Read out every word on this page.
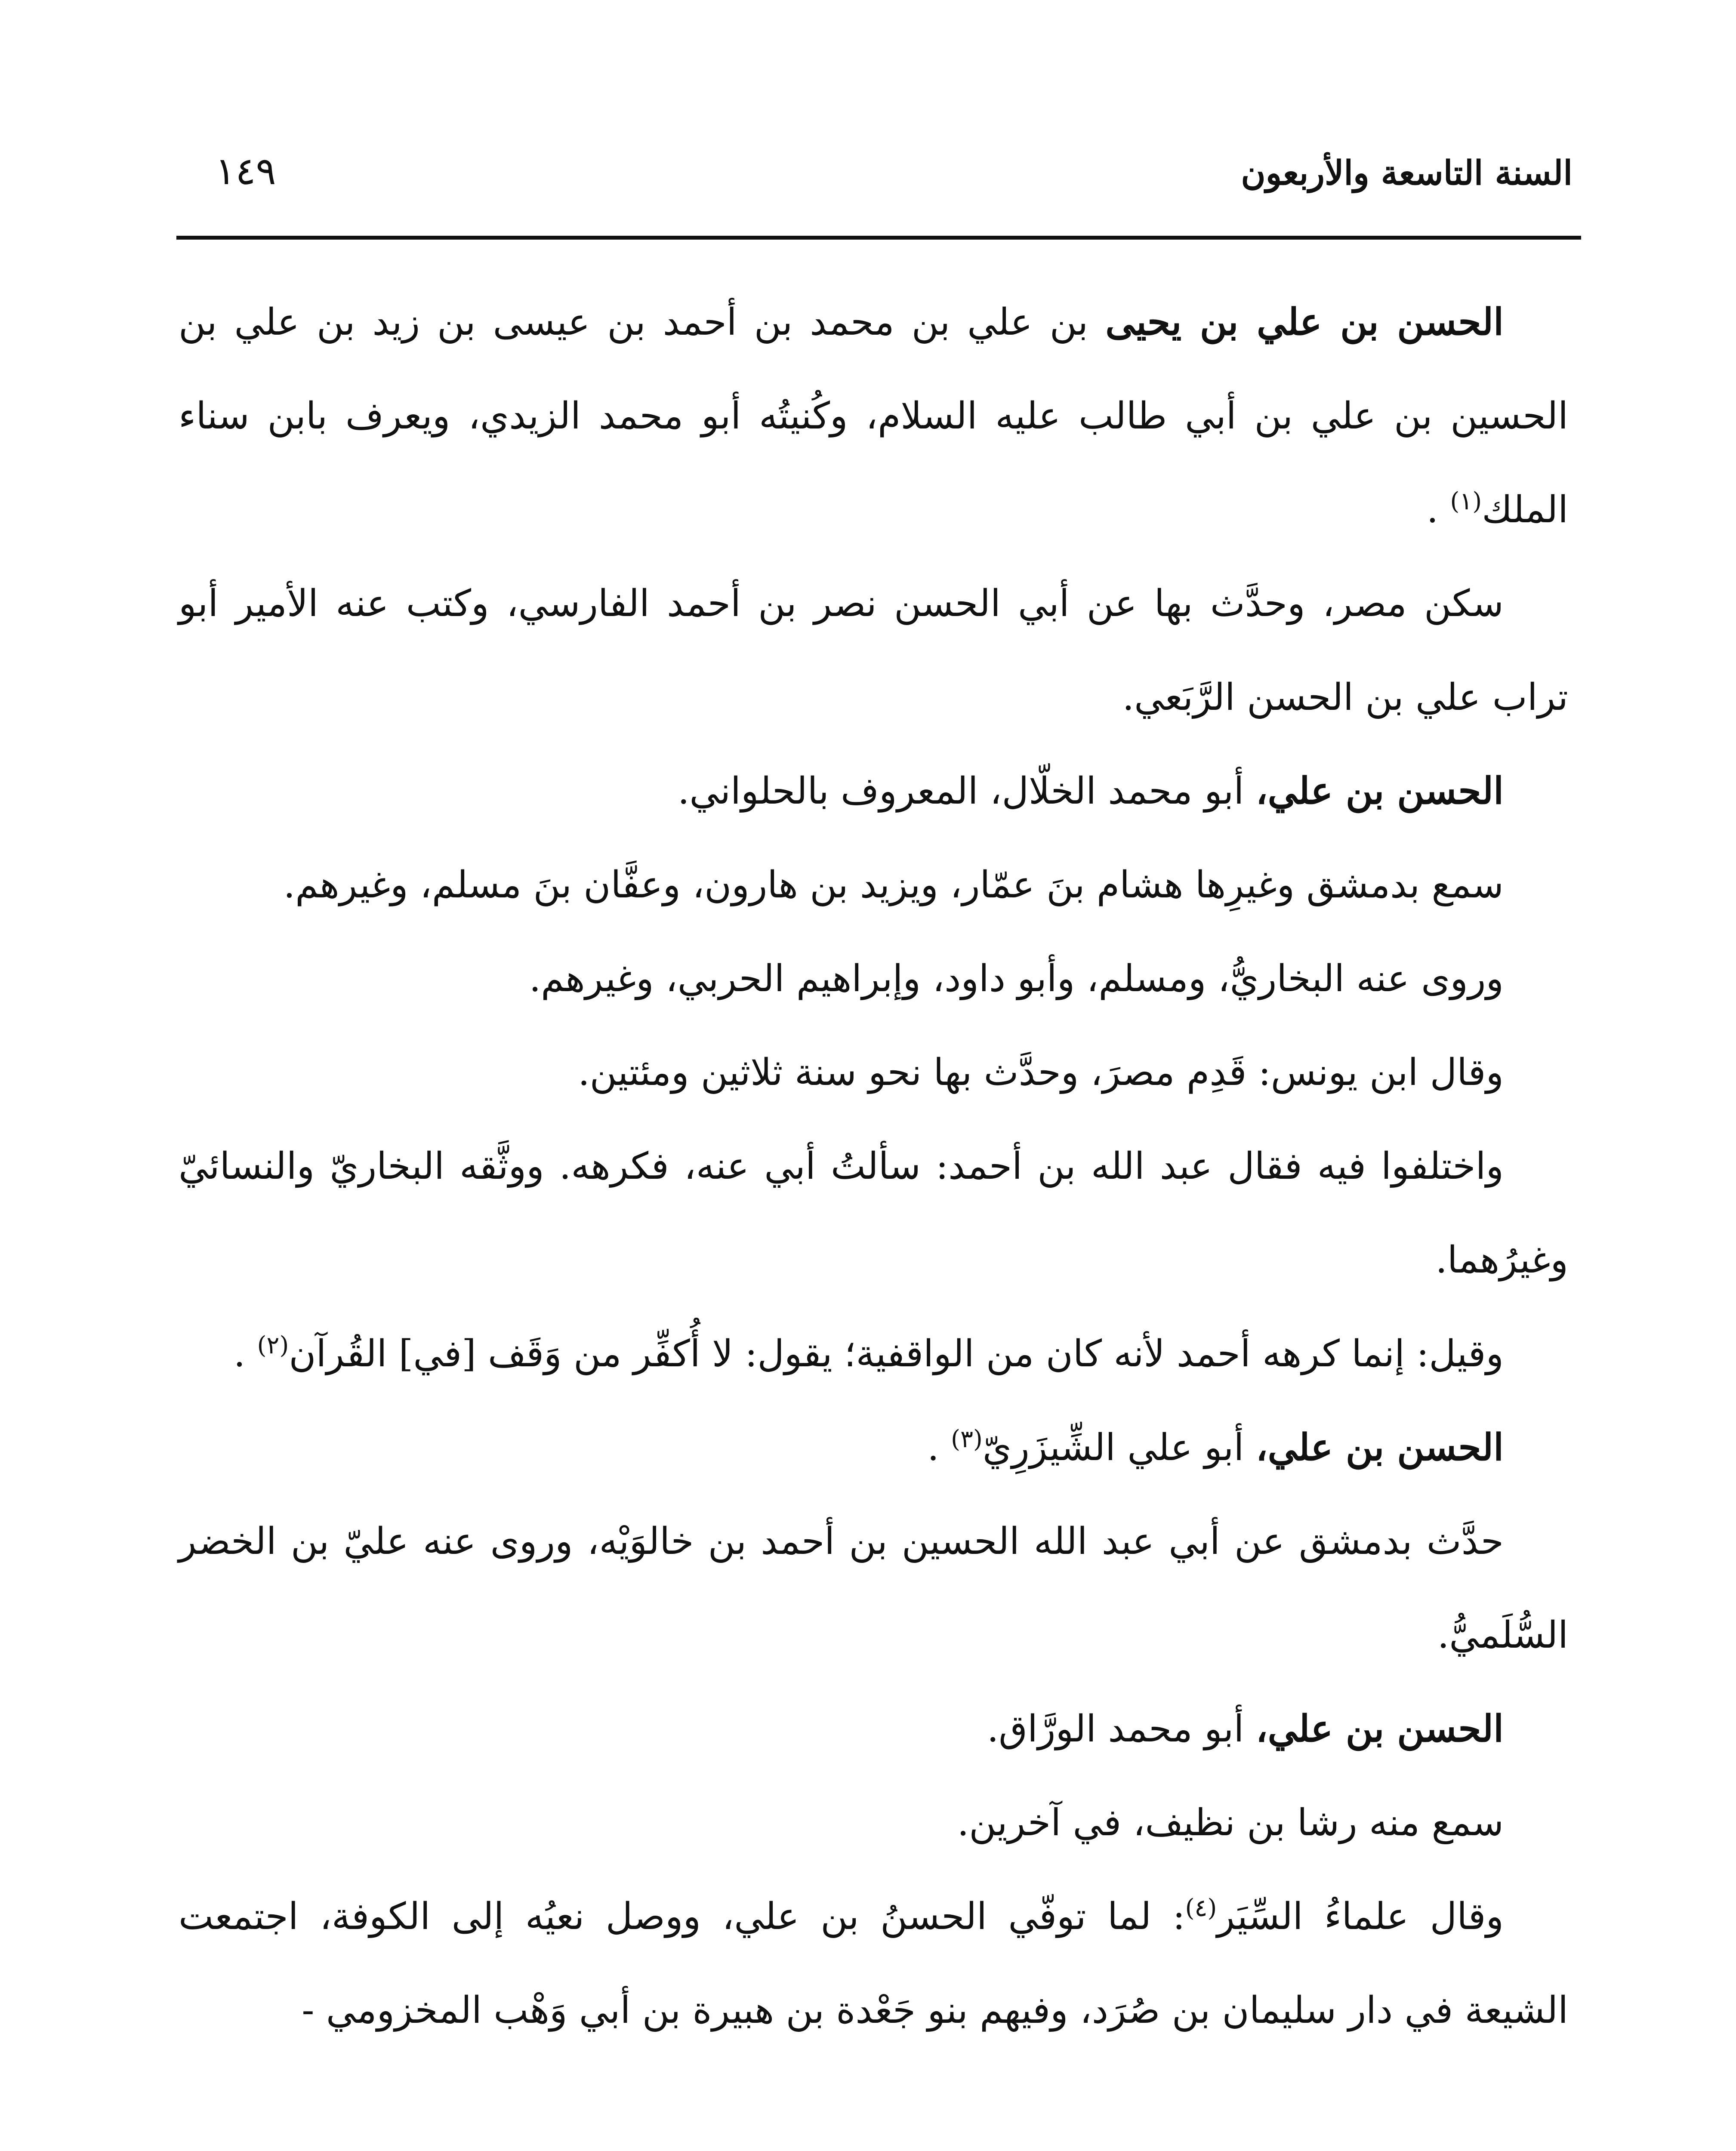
السنة التاسعة والأربعون
١٤٩

الحسن بن علي بن يحيى بن علي بن محمد بن أحمد بن عيسى بن زيد بن علي بن الحسين بن علي بن أبي طالب عليه السلام، وكُنيتُه أبو محمد الزيدي، ويعرف بابن سناء الملك$^{(١)}$ .

سكن مصر، وحدَّث بها عن أبي الحسن نصر بن أحمد الفارسي، وكتب عنه الأمير أبو تراب علي بن الحسن الرَّبَعي.

الحسن بن علي، أبو محمد الخلّال، المعروف بالحلواني.

سمع بدمشق وغيرِها هشام بنَ عمّار، ويزيد بن هارون، وعفَّان بنَ مسلم، وغيرهم.

وروى عنه البخاريُّ، ومسلم، وأبو داود، وإبراهيم الحربي، وغيرهم.

وقال ابن يونس: قَدِم مصرَ، وحدَّث بها نحو سنة ثلاثين ومئتين.

واختلفوا فيه فقال عبد الله بن أحمد: سألتُ أبي عنه، فكرهه. ووثَّقه البخاريّ والنسائيّ وغيرُهما.

وقيل: إنما كرهه أحمد لأنه كان من الواقفية؛ يقول: لا أُكفِّر من وَقَف [في] القُرآن$^{(٢)}$ .

الحسن بن علي، أبو علي الشِّيزَرِيّ$^{(٣)}$ .

حدَّث بدمشق عن أبي عبد الله الحسين بن أحمد بن خالوَيْه، وروى عنه عليّ بن الخضر السُّلَميُّ.

الحسن بن علي، أبو محمد الورَّاق.

سمع منه رشا بن نظيف، في آخرين.

وقال علماءُ السِّيَر$^{(٤)}$: لما توفّي الحسنُ بن علي، ووصل نعيُه إلى الكوفة، اجتمعت الشيعة في دار سليمان بن صُرَد، وفيهم بنو جَعْدة بن هبيرة بن أبي وَهْب المخزومي -
